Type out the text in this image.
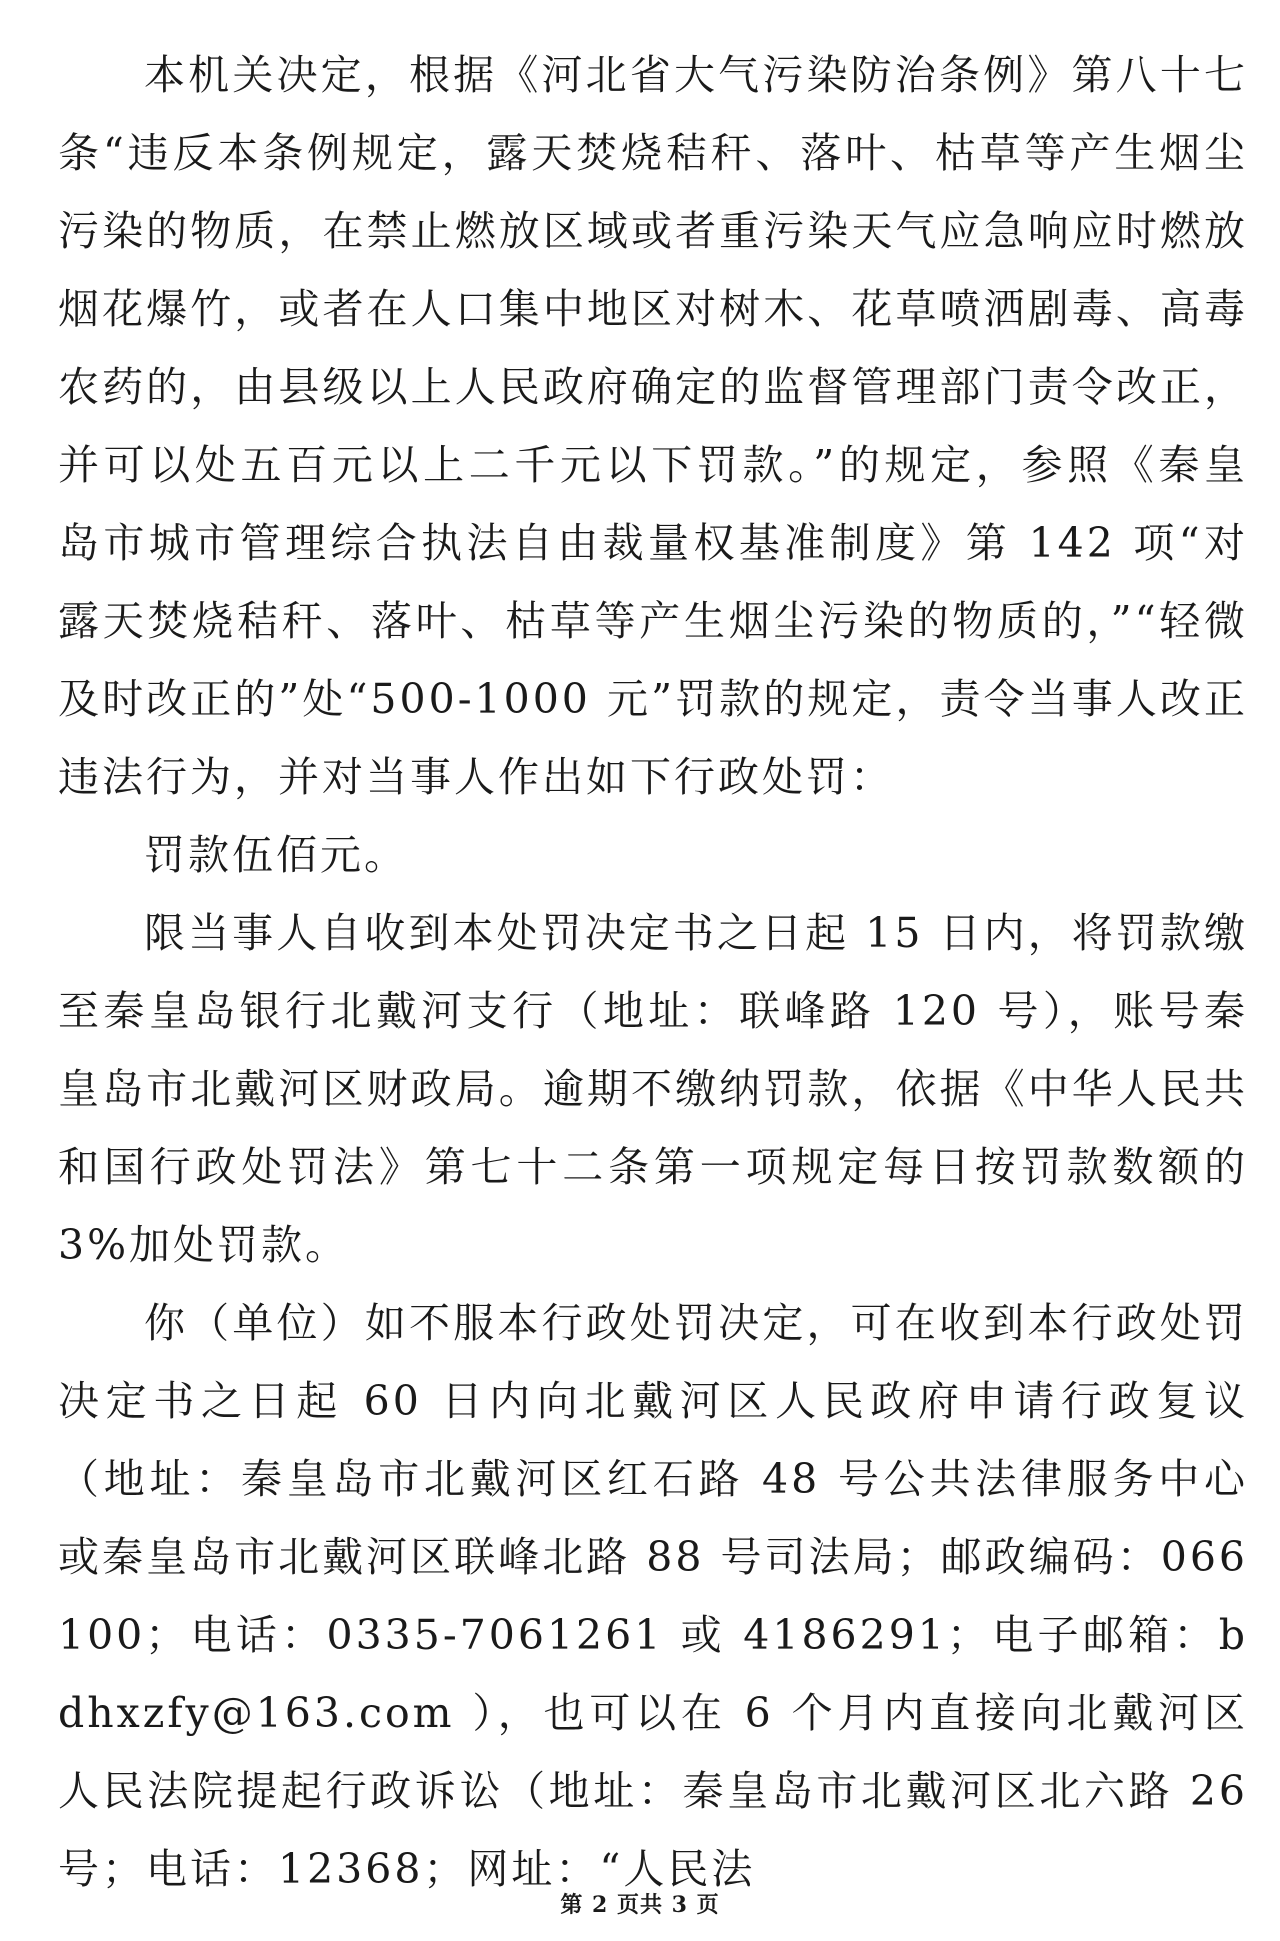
本机关决定，根据《河北省大气污染防治条例》第八十七条“违反本条例规定，露天焚烧秸秆、落叶、枯草等产生烟尘污染的物质，在禁止燃放区域或者重污染天气应急响应时燃放烟花爆竹，或者在人口集中地区对树木、花草喷洒剧毒、高毒农药的，由县级以上人民政府确定的监督管理部门责令改正，并可以处五百元以上二千元以下罚款。”的规定，参照《秦皇岛市城市管理综合执法自由裁量权基准制度》第 142 项“对露天焚烧秸秆、落叶、枯草等产生烟尘污染的物质的，”“轻微及时改正的”处“500-1000 元”罚款的规定，责令当事人改正违法行为，并对当事人作出如下行政处罚：

罚款伍佰元。

限当事人自收到本处罚决定书之日起 15 日内，将罚款缴至秦皇岛银行北戴河支行（地址：联峰路 120 号），账号秦皇岛市北戴河区财政局。逾期不缴纳罚款，依据《中华人民共和国行政处罚法》第七十二条第一项规定每日按罚款数额的 3%加处罚款。

你（单位）如不服本行政处罚决定，可在收到本行政处罚决定书之日起 60 日内向北戴河区人民政府申请行政复议（地址：秦皇岛市北戴河区红石路 48 号公共法律服务中心或秦皇岛市北戴河区联峰北路 88 号司法局；邮政编码：066100；电话：0335-7061261 或 4186291；电子邮箱：bdhxzfy@163.com ），也可以在 6 个月内直接向北戴河区人民法院提起行政诉讼（地址：秦皇岛市北戴河区北六路 26 号；电话：12368；网址：“人民法

第 2 页共 3 页
